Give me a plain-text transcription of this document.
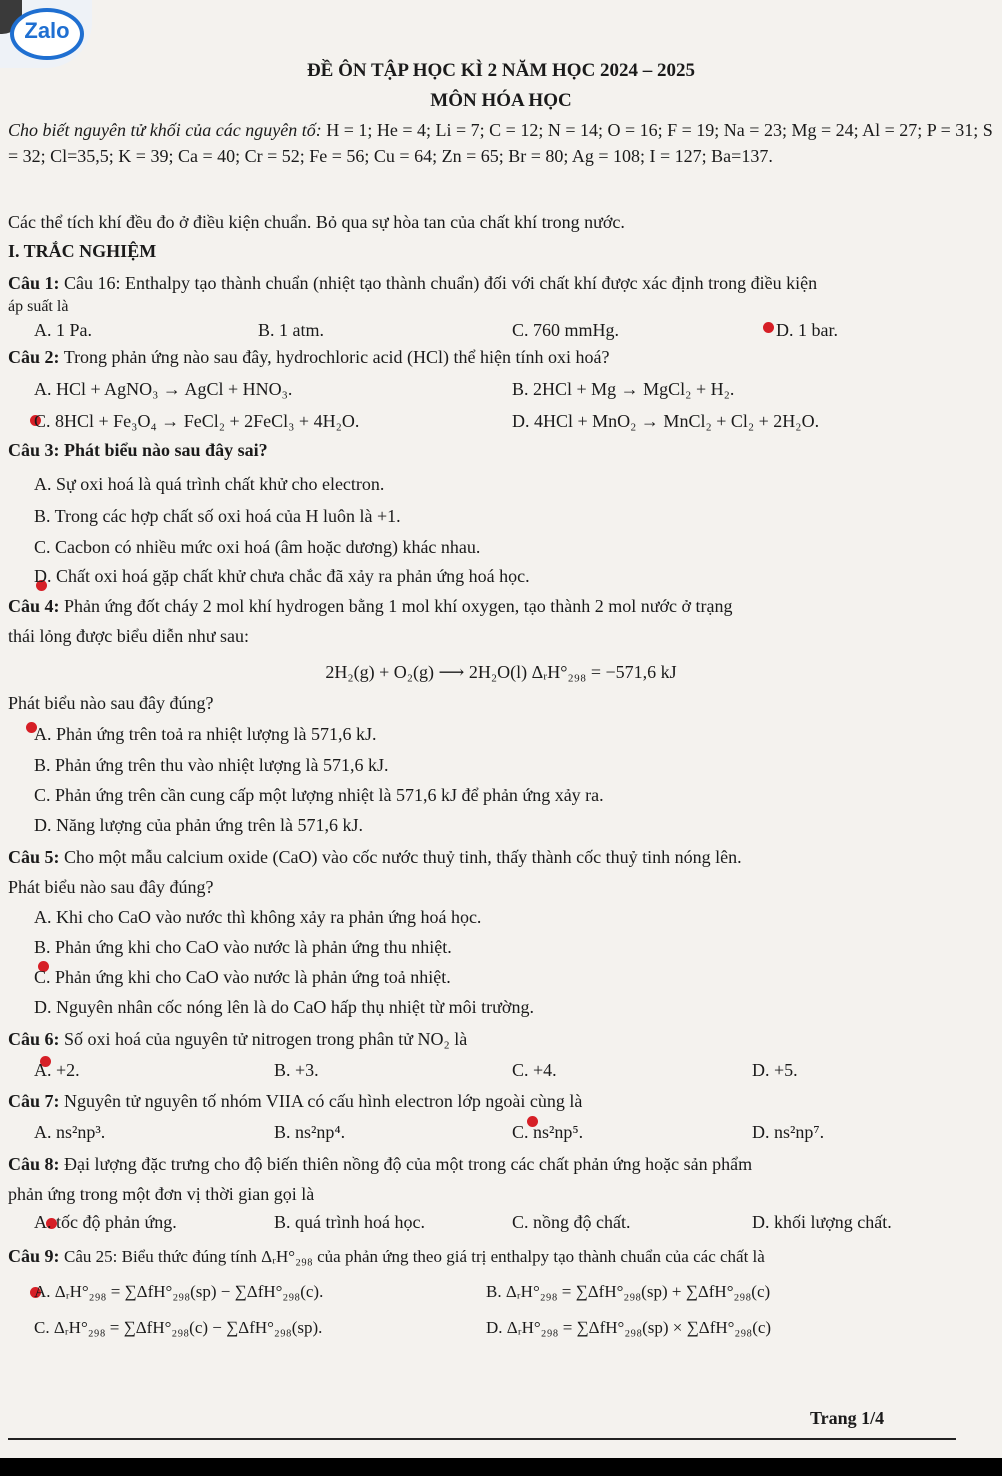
Zalo
ĐỀ ÔN TẬP HỌC KÌ 2 NĂM HỌC 2024 – 2025
MÔN HÓA HỌC
Cho biết nguyên tử khối của các nguyên tố: H = 1; He = 4; Li = 7; C = 12; N = 14; O = 16; F = 19; Na = 23; Mg = 24; Al = 27; P = 31; S = 32; Cl=35,5; K = 39; Ca = 40; Cr = 52; Fe = 56; Cu = 64; Zn = 65; Br = 80; Ag = 108; I = 127; Ba=137.
Các thể tích khí đều đo ở điều kiện chuẩn. Bỏ qua sự hòa tan của chất khí trong nước.
I. TRẮC NGHIỆM
Câu 1: Câu 16: Enthalpy tạo thành chuẩn (nhiệt tạo thành chuẩn) đối với chất khí được xác định trong điều kiện
áp suất là
A. 1 Pa.	B. 1 atm.	C. 760 mmHg.	D. 1 bar.
Câu 2: Trong phản ứng nào sau đây, hydrochloric acid (HCl) thể hiện tính oxi hoá?
A. HCl + AgNO₃ → AgCl + HNO₃.	B. 2HCl + Mg → MgCl₂ + H₂.
C. 8HCl + Fe₃O₄ → FeCl₂ + 2FeCl₃ + 4H₂O.	D. 4HCl + MnO₂ → MnCl₂ + Cl₂ + 2H₂O.
Câu 3: Phát biểu nào sau đây sai?
A. Sự oxi hoá là quá trình chất khử cho electron.
B. Trong các hợp chất số oxi hoá của H luôn là +1.
C. Cacbon có nhiều mức oxi hoá (âm hoặc dương) khác nhau.
D. Chất oxi hoá gặp chất khử chưa chắc đã xảy ra phản ứng hoá học.
Câu 4: Phản ứng đốt cháy 2 mol khí hydrogen bằng 1 mol khí oxygen, tạo thành 2 mol nước ở trạng
thái lỏng được biểu diễn như sau:
2H₂(g) + O₂(g) ⟶ 2H₂O(l) ΔᵣH°₂₉₈ = −571,6 kJ
Phát biểu nào sau đây đúng?
A. Phản ứng trên toả ra nhiệt lượng là 571,6 kJ.
B. Phản ứng trên thu vào nhiệt lượng là 571,6 kJ.
C. Phản ứng trên cần cung cấp một lượng nhiệt là 571,6 kJ để phản ứng xảy ra.
D. Năng lượng của phản ứng trên là 571,6 kJ.
Câu 5: Cho một mẫu calcium oxide (CaO) vào cốc nước thuỷ tinh, thấy thành cốc thuỷ tinh nóng lên.
Phát biểu nào sau đây đúng?
A. Khi cho CaO vào nước thì không xảy ra phản ứng hoá học.
B. Phản ứng khi cho CaO vào nước là phản ứng thu nhiệt.
C. Phản ứng khi cho CaO vào nước là phản ứng toả nhiệt.
D. Nguyên nhân cốc nóng lên là do CaO hấp thụ nhiệt từ môi trường.
Câu 6: Số oxi hoá của nguyên tử nitrogen trong phân tử NO₂ là
A. +2.	B. +3.	C. +4.	D. +5.
Câu 7: Nguyên tử nguyên tố nhóm VIIA có cấu hình electron lớp ngoài cùng là
A. ns²np³.	B. ns²np⁴.	C. ns²np⁵.	D. ns²np⁷.
Câu 8: Đại lượng đặc trưng cho độ biến thiên nồng độ của một trong các chất phản ứng hoặc sản phẩm
phản ứng trong một đơn vị thời gian gọi là
A. tốc độ phản ứng.	B. quá trình hoá học.	C. nồng độ chất.	D. khối lượng chất.
Câu 9: Câu 25: Biểu thức đúng tính ΔᵣH°₂₉₈ của phản ứng theo giá trị enthalpy tạo thành chuẩn của các chất là
A. ΔᵣH°₂₉₈ = ∑ΔfH°₂₉₈(sp) − ∑ΔfH°₂₉₈(c).	B. ΔᵣH°₂₉₈ = ∑ΔfH°₂₉₈(sp) + ∑ΔfH°₂₉₈(c)
C. ΔᵣH°₂₉₈ = ∑ΔfH°₂₉₈(c) − ∑ΔfH°₂₉₈(sp).	D. ΔᵣH°₂₉₈ = ∑ΔfH°₂₉₈(sp) × ∑ΔfH°₂₉₈(c)
Trang 1/4
